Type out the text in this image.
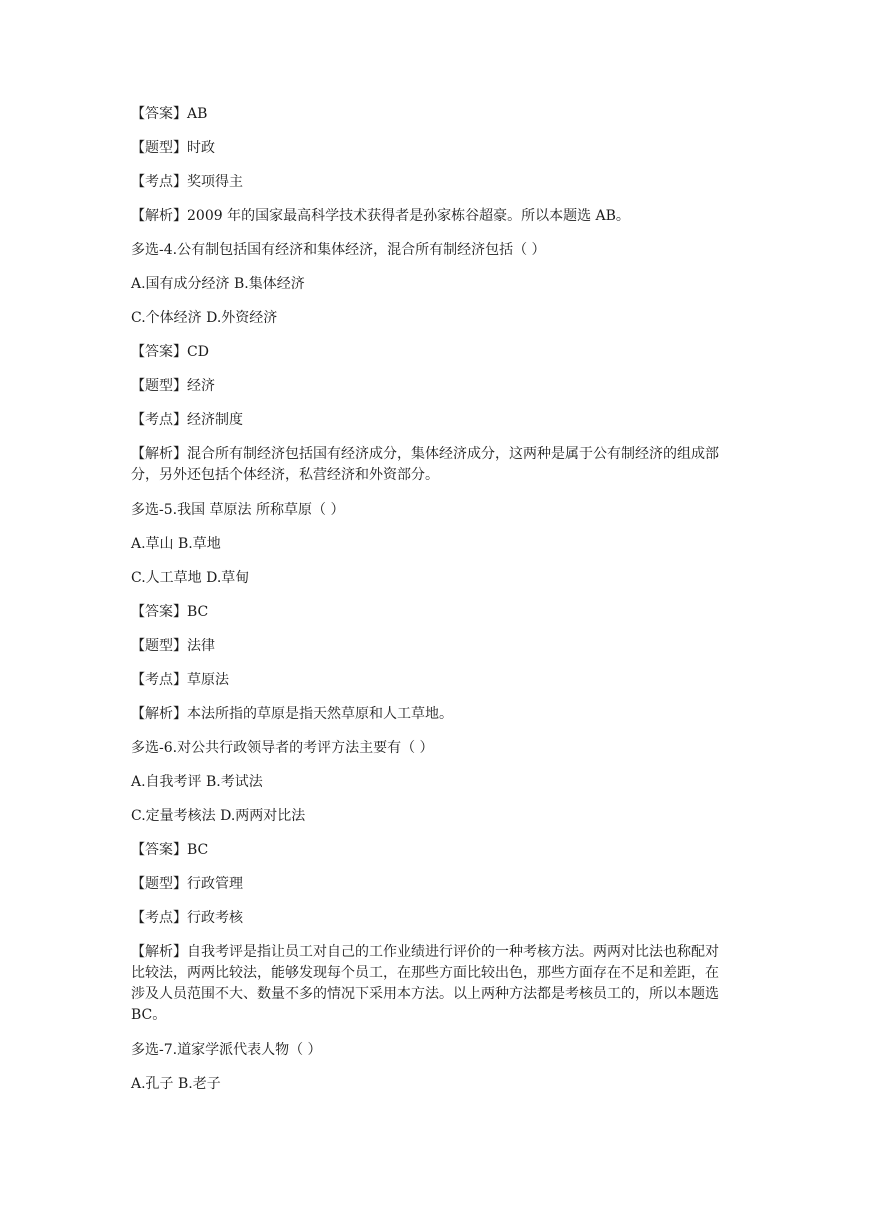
【答案】AB

【题型】时政

【考点】奖项得主

【解析】2009 年的国家最高科学技术获得者是孙家栋谷超豪。所以本题选 AB。

多选-4.公有制包括国有经济和集体经济，混合所有制经济包括（ ）

A.国有成分经济 B.集体经济

C.个体经济 D.外资经济

【答案】CD

【题型】经济

【考点】经济制度

【解析】混合所有制经济包括国有经济成分，集体经济成分，这两种是属于公有制经济的组成部分，另外还包括个体经济，私营经济和外资部分。

多选-5.我国 草原法 所称草原（ ）

A.草山 B.草地

C.人工草地 D.草甸

【答案】BC

【题型】法律

【考点】草原法

【解析】本法所指的草原是指天然草原和人工草地。

多选-6.对公共行政领导者的考评方法主要有（ ）

A.自我考评 B.考试法

C.定量考核法 D.两两对比法

【答案】BC

【题型】行政管理

【考点】行政考核

【解析】自我考评是指让员工对自己的工作业绩进行评价的一种考核方法。两两对比法也称配对比较法，两两比较法，能够发现每个员工，在那些方面比较出色，那些方面存在不足和差距，在涉及人员范围不大、数量不多的情况下采用本方法。以上两种方法都是考核员工的，所以本题选 BC。

多选-7.道家学派代表人物（ ）

A.孔子 B.老子
